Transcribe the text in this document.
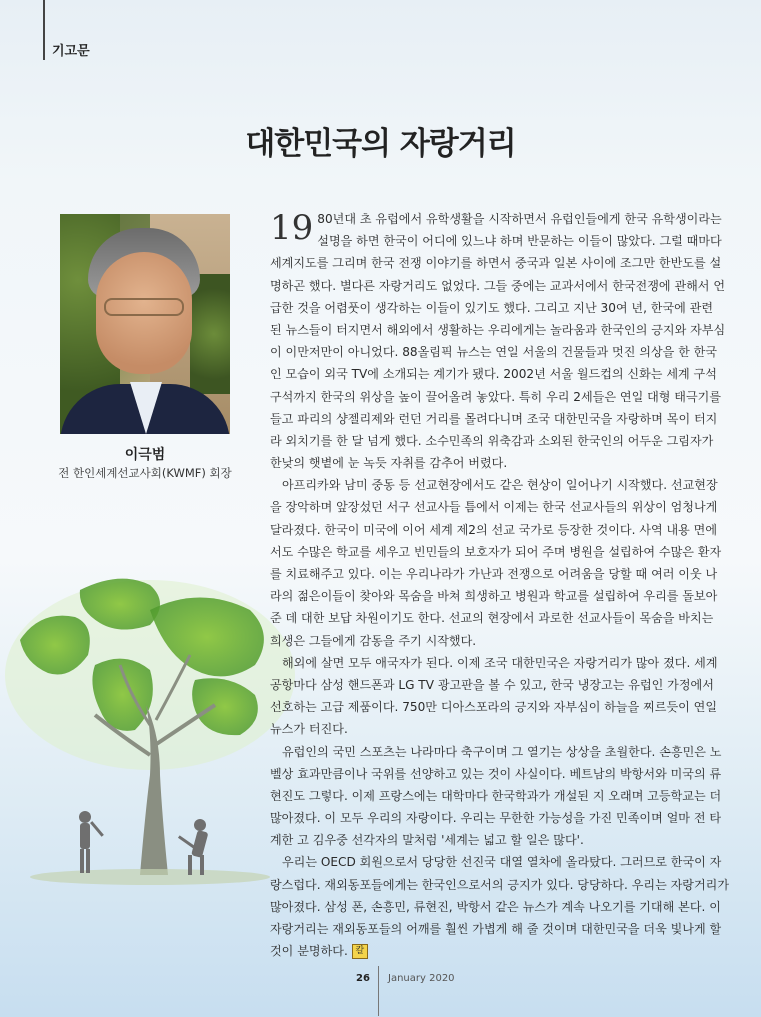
기고문
대한민국의 자랑거리
이극범
전 한인세계선교사회(KWMF) 회장
19 80년대 초 유럽에서 유학생활을 시작하면서 유럽인들에게 한국 유학생이라는
설명을 하면 한국이 어디에 있느냐 하며 반문하는 이들이 많았다. 그럴 때마다
세계지도를 그리며 한국 전쟁 이야기를 하면서 중국과 일본 사이에 조그만 한반도를 설
명하곤 했다. 별다른 자랑거리도 없었다. 그들 중에는 교과서에서 한국전쟁에 관해서 언
급한 것을 어렴풋이 생각하는 이들이 있기도 했다. 그리고 지난 30여 년, 한국에 관련
된 뉴스들이 터지면서 해외에서 생활하는 우리에게는 놀라움과 한국인의 긍지와 자부심
이 이만저만이 아니었다. 88올림픽 뉴스는 연일 서울의 건물들과 멋진 의상을 한 한국
인 모습이 외국 TV에 소개되는 계기가 됐다. 2002년 서울 월드컵의 신화는 세계 구석
구석까지 한국의 위상을 높이 끌어올려 놓았다. 특히 우리 2세들은 연일 대형 태극기를
들고 파리의 샹젤리제와 런던 거리를 몰려다니며 조국 대한민국을 자랑하며 목이 터지
라 외치기를 한 달 넘게 했다. 소수민족의 위축감과 소외된 한국인의 어두운 그림자가
한낮의 햇볕에 눈 녹듯 자취를 감추어 버렸다.
아프리카와 남미 중동 등 선교현장에서도 같은 현상이 일어나기 시작했다. 선교현장
을 장악하며 앞장섰던 서구 선교사들 틈에서 이제는 한국 선교사들의 위상이 엄청나게
달라졌다. 한국이 미국에 이어 세계 제2의 선교 국가로 등장한 것이다. 사역 내용 면에
서도 수많은 학교를 세우고 빈민들의 보호자가 되어 주며 병원을 설립하여 수많은 환자
를 치료해주고 있다. 이는 우리나라가 가난과 전쟁으로 어려움을 당할 때 여러 이웃 나
라의 젊은이들이 찾아와 목숨을 바쳐 희생하고 병원과 학교를 설립하여 우리를 돌보아
준 데 대한 보답 차원이기도 한다. 선교의 현장에서 과로한 선교사들이 목숨을 바치는
희생은 그들에게 감동을 주기 시작했다.
해외에 살면 모두 애국자가 된다. 이제 조국 대한민국은 자랑거리가 많아 졌다. 세계
공항마다 삼성 핸드폰과 LG TV 광고판을 볼 수 있고, 한국 냉장고는 유럽인 가정에서
선호하는 고급 제품이다. 750만 디아스포라의 긍지와 자부심이 하늘을 찌르듯이 연일
뉴스가 터진다.
유럽인의 국민 스포츠는 나라마다 축구이며 그 열기는 상상을 초월한다. 손흥민은 노
벨상 효과만큼이나 국위를 선양하고 있는 것이 사실이다. 베트남의 박항서와 미국의 류
현진도 그렇다. 이제 프랑스에는 대학마다 한국학과가 개설된 지 오래며 고등학교는 더
많아졌다. 이 모두 우리의 자랑이다. 우리는 무한한 가능성을 가진 민족이며 얼마 전 타
계한 고 김우중 선각자의 말처럼 '세계는 넓고 할 일은 많다'.
우리는 OECD 회원으로서 당당한 선진국 대열 열차에 올라탔다. 그러므로 한국이 자
랑스럽다. 재외동포들에게는 한국인으로서의 긍지가 있다. 당당하다. 우리는 자랑거리가
많아졌다. 삼성 폰, 손흥민, 류현진, 박항서 같은 뉴스가 계속 나오기를 기대해 본다. 이
자랑거리는 재외동포들의 어깨를 훨씬 가볍게 해 줄 것이며 대한민국을 더욱 빛나게 할
것이 분명하다. 칼
26 January 2020
